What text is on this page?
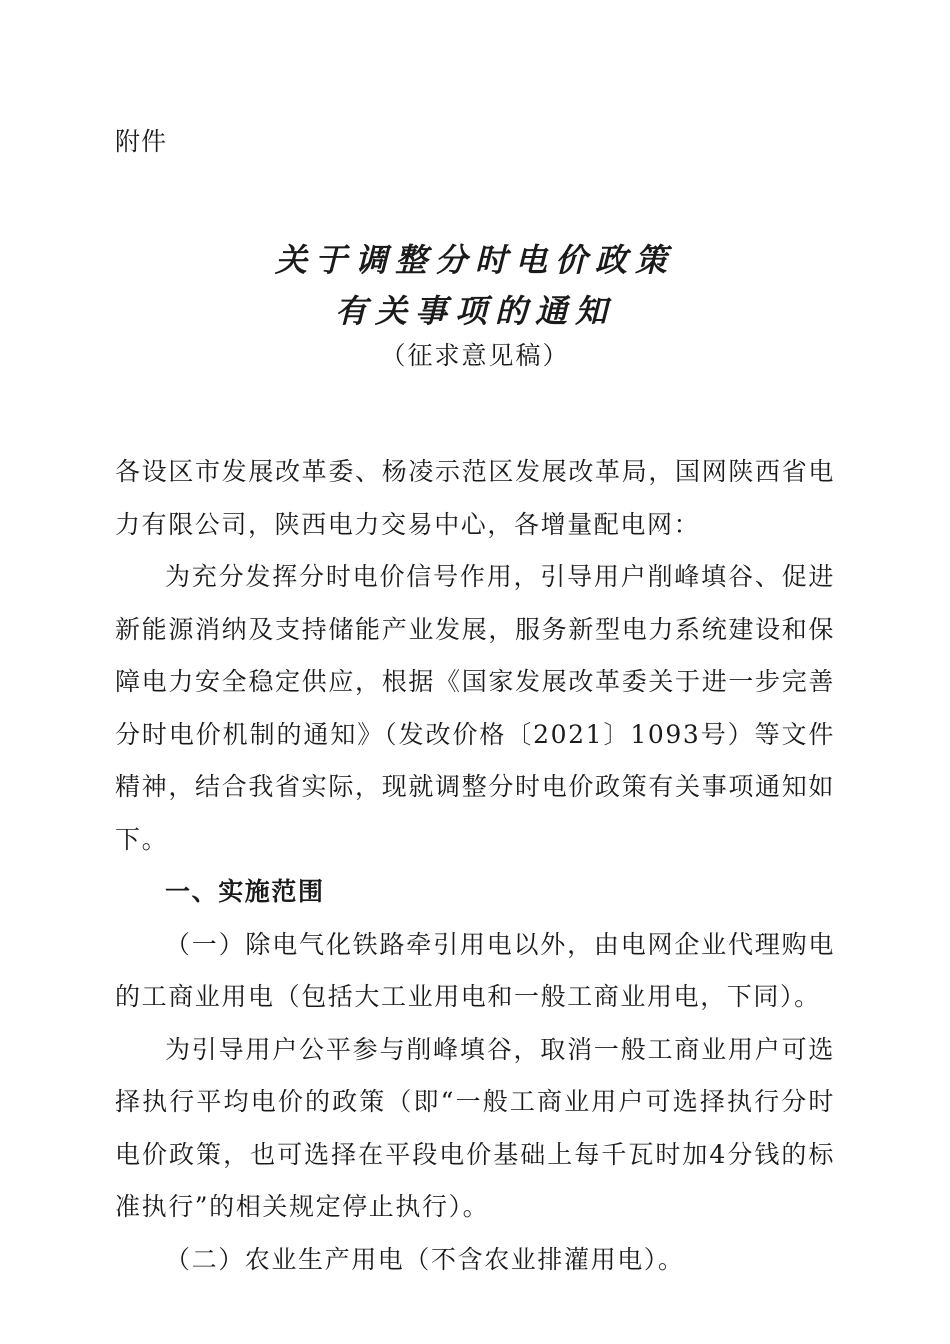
附件
关于调整分时电价政策
有关事项的通知
（征求意见稿）

各设区市发展改革委、杨凌示范区发展改革局，国网陕西省电力有限公司，陕西电力交易中心，各增量配电网：

为充分发挥分时电价信号作用，引导用户削峰填谷、促进新能源消纳及支持储能产业发展，服务新型电力系统建设和保障电力安全稳定供应，根据《国家发展改革委关于进一步完善分时电价机制的通知》（发改价格〔2021〕1093号）等文件精神，结合我省实际，现就调整分时电价政策有关事项通知如下。

一、实施范围

（一）除电气化铁路牵引用电以外，由电网企业代理购电的工商业用电（包括大工业用电和一般工商业用电，下同）。

为引导用户公平参与削峰填谷，取消一般工商业用户可选择执行平均电价的政策（即“一般工商业用户可选择执行分时电价政策，也可选择在平段电价基础上每千瓦时加4分钱的标准执行”的相关规定停止执行）。

（二）农业生产用电（不含农业排灌用电）。
